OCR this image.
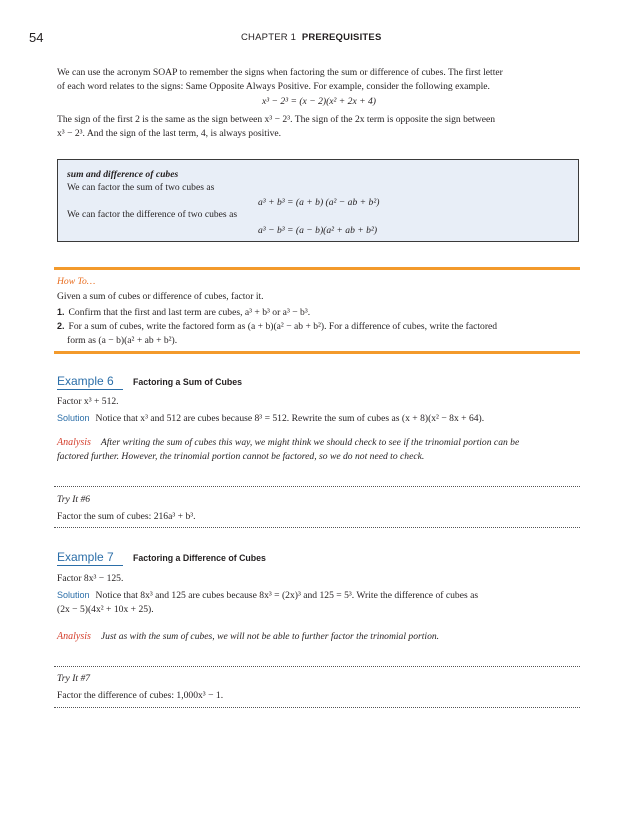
54	CHAPTER 1 PREREQUISITES
We can use the acronym SOAP to remember the signs when factoring the sum or difference of cubes. The first letter
of each word relates to the signs: Same Opposite Always Positive. For example, consider the following example.
x³ − 2³ = (x − 2)(x² + 2x + 4)
The sign of the first 2 is the same as the sign between x³ − 2³. The sign of the 2x term is opposite the sign between
x³ − 2³. And the sign of the last term, 4, is always positive.
sum and difference of cubes
We can factor the sum of two cubes as
a³ + b³ = (a + b) (a² − ab + b²)
We can factor the difference of two cubes as
a³ − b³ = (a − b)(a² + ab + b²)
How To…
Given a sum of cubes or difference of cubes, factor it.
1. Confirm that the first and last term are cubes, a³ + b³ or a³ − b³.
2. For a sum of cubes, write the factored form as (a + b)(a² − ab + b²). For a difference of cubes, write the factored
form as (a − b)(a² + ab + b²).
Example 6 Factoring a Sum of Cubes
Factor x³ + 512.
Solution Notice that x³ and 512 are cubes because 8³ = 512. Rewrite the sum of cubes as (x + 8)(x² − 8x + 64).
Analysis After writing the sum of cubes this way, we might think we should check to see if the trinomial portion can be
factored further. However, the trinomial portion cannot be factored, so we do not need to check.
Try It #6
Factor the sum of cubes: 216a³ + b³.
Example 7 Factoring a Difference of Cubes
Factor 8x³ − 125.
Solution Notice that 8x³ and 125 are cubes because 8x³ = (2x)³ and 125 = 5³. Write the difference of cubes as
(2x − 5)(4x² + 10x + 25).
Analysis Just as with the sum of cubes, we will not be able to further factor the trinomial portion.
Try It #7
Factor the difference of cubes: 1,000x³ − 1.
